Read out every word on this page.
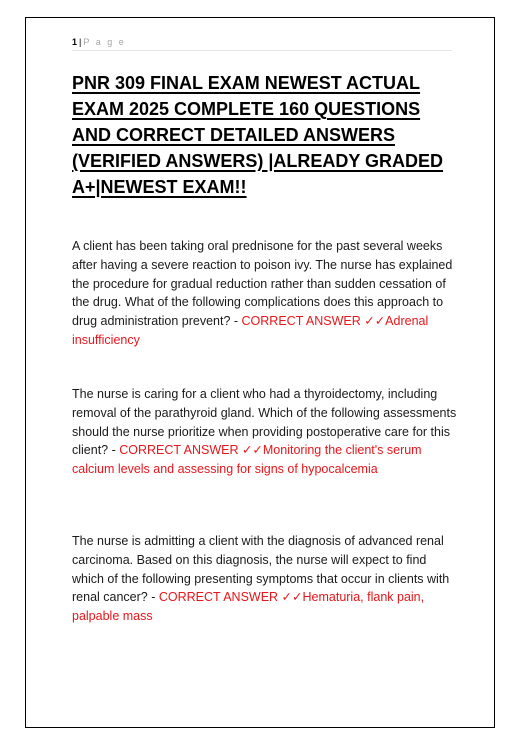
1 | P a g e
PNR 309 FINAL EXAM NEWEST ACTUAL EXAM 2025 COMPLETE 160 QUESTIONS AND CORRECT DETAILED ANSWERS (VERIFIED ANSWERS) |ALREADY GRADED A+|NEWEST EXAM!!

A client has been taking oral prednisone for the past several weeks after having a severe reaction to poison ivy. The nurse has explained the procedure for gradual reduction rather than sudden cessation of the drug. What of the following complications does this approach to drug administration prevent? - CORRECT ANSWER ✓✓Adrenal insufficiency

The nurse is caring for a client who had a thyroidectomy, including removal of the parathyroid gland. Which of the following assessments should the nurse prioritize when providing postoperative care for this client? - CORRECT ANSWER ✓✓Monitoring the client's serum calcium levels and assessing for signs of hypocalcemia

The nurse is admitting a client with the diagnosis of advanced renal carcinoma. Based on this diagnosis, the nurse will expect to find which of the following presenting symptoms that occur in clients with renal cancer? - CORRECT ANSWER ✓✓Hematuria, flank pain, palpable mass
